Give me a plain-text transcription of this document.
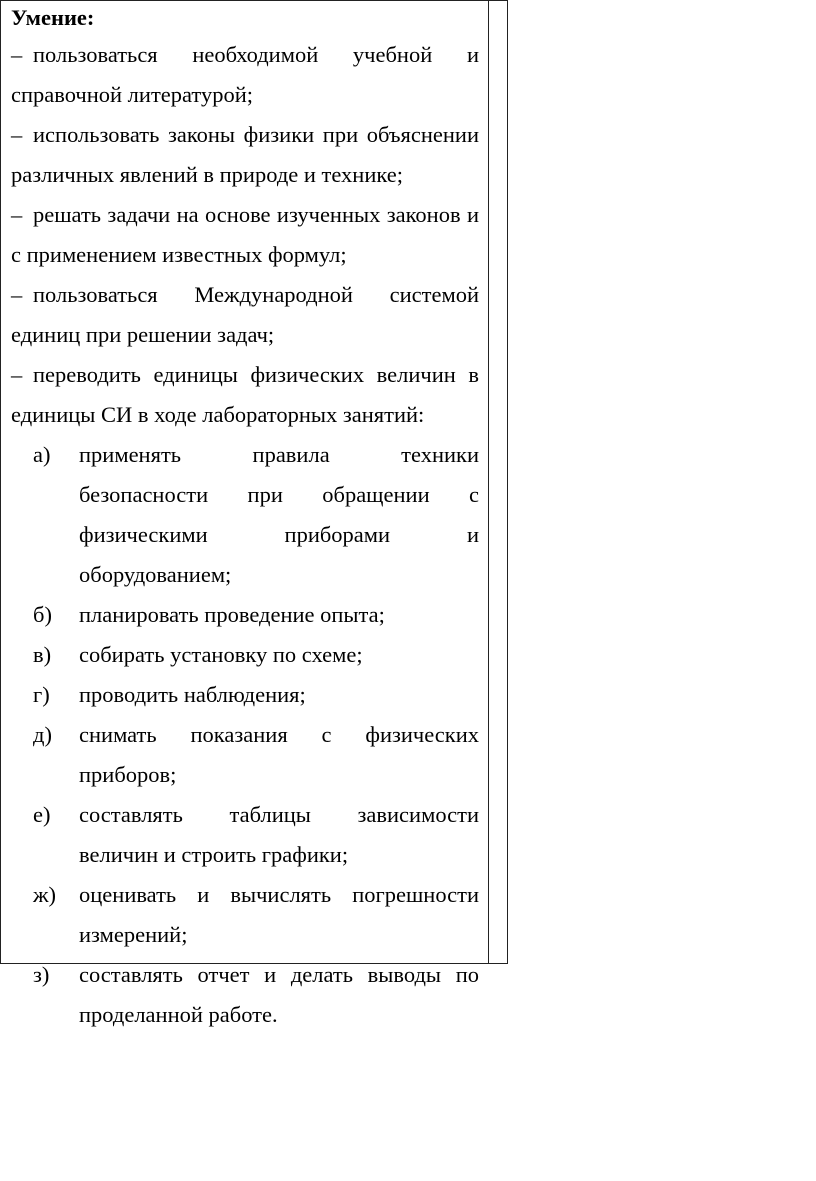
Умение:

– пользоваться необходимой учебной и справочной литературой;

– использовать законы физики при объяснении различных явлений в природе и технике;

– решать задачи на основе изученных законов и с применением известных формул;

– пользоваться Международной системой единиц при решении задач;

– переводить единицы физических величин в единицы СИ в ходе лабораторных занятий:

а)	применять правила техники безопасности при обращении с физическими приборами и оборудованием;

б)	планировать проведение опыта;

в)	собирать установку по схеме;

г)	проводить наблюдения;

д)	снимать показания с физических приборов;

е)	составлять таблицы зависимости величин и строить графики;

ж)	оценивать и вычислять погрешности измерений;

з)	составлять отчет и делать выводы по проделанной работе.
